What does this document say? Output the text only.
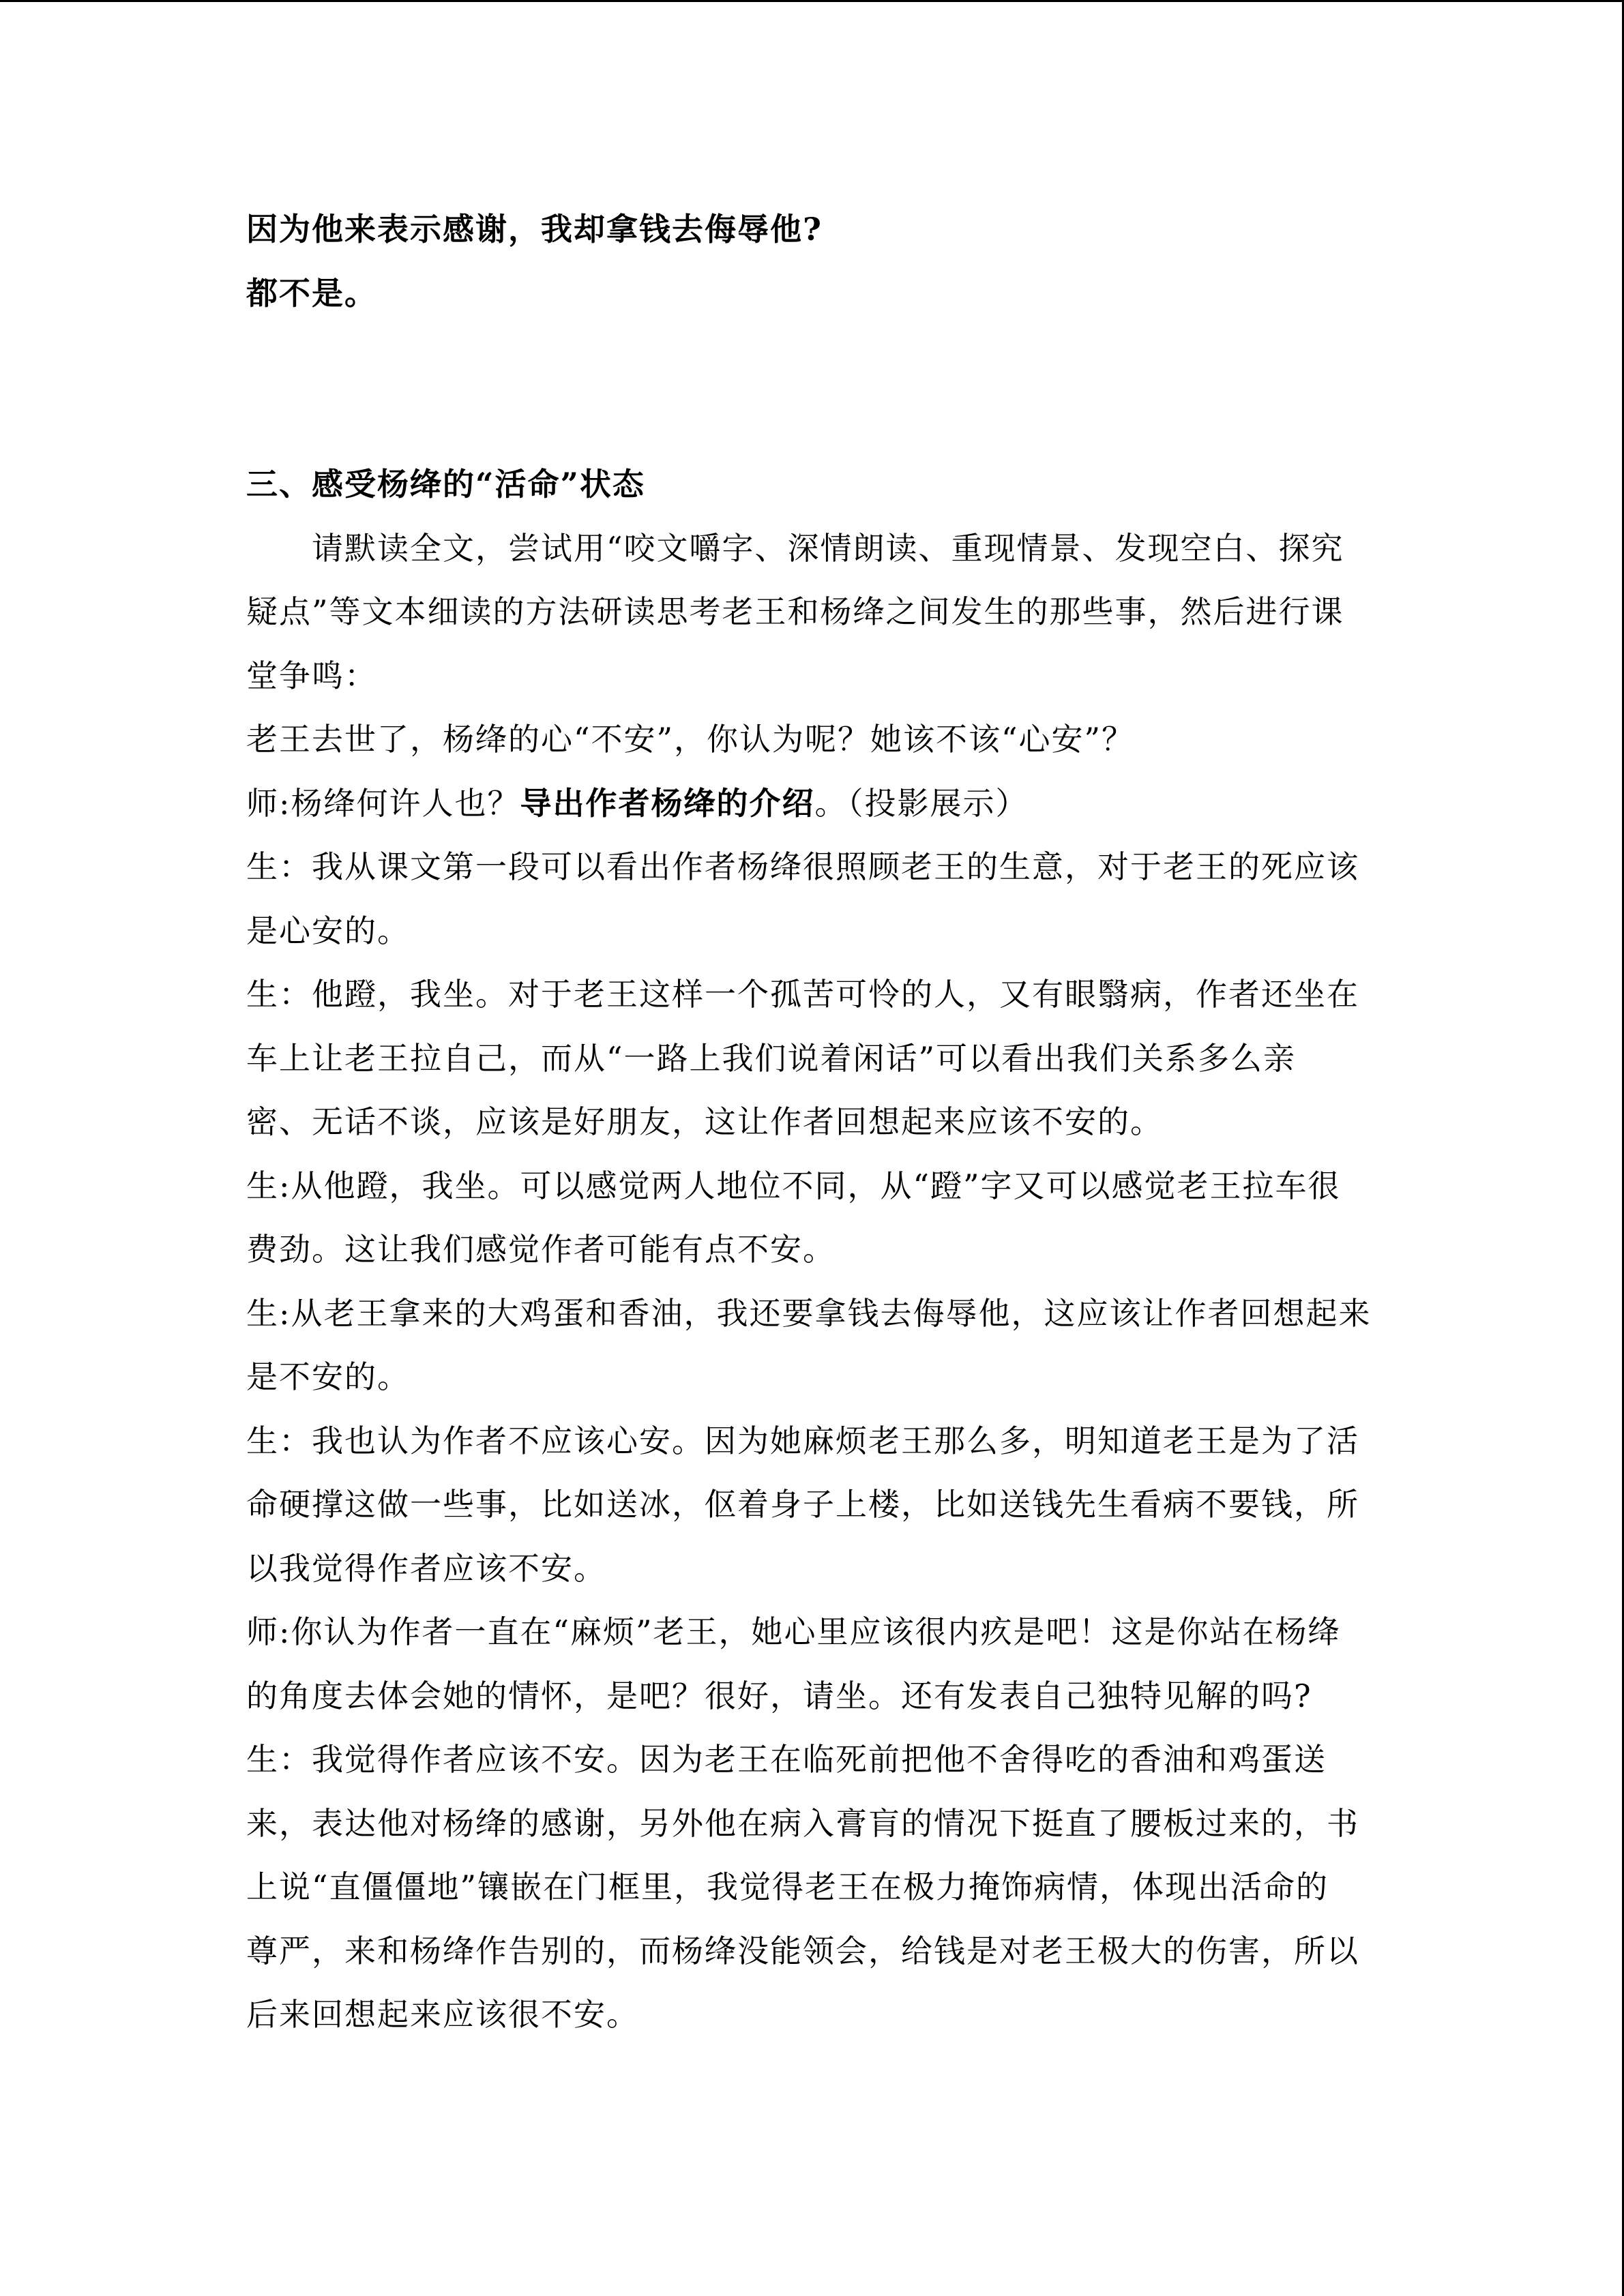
因为他来表示感谢，我却拿钱去侮辱他?
都不是。
三、感受杨绛的“活命”状态
请默读全文，尝试用“咬文嚼字、深情朗读、重现情景、发现空白、探究
疑点”等文本细读的方法研读思考老王和杨绛之间发生的那些事，然后进行课
堂争鸣：
老王去世了，杨绛的心“不安”，你认为呢？她该不该“心安”？
师:杨绛何许人也？导出作者杨绛的介绍。（投影展示）
生：我从课文第一段可以看出作者杨绛很照顾老王的生意，对于老王的死应该
是心安的。
生：他蹬，我坐。对于老王这样一个孤苦可怜的人，又有眼翳病，作者还坐在
车上让老王拉自己，而从“一路上我们说着闲话”可以看出我们关系多么亲
密、无话不谈，应该是好朋友，这让作者回想起来应该不安的。
生:从他蹬，我坐。可以感觉两人地位不同，从“蹬”字又可以感觉老王拉车很
费劲。这让我们感觉作者可能有点不安。
生:从老王拿来的大鸡蛋和香油，我还要拿钱去侮辱他，这应该让作者回想起来
是不安的。
生：我也认为作者不应该心安。因为她麻烦老王那么多，明知道老王是为了活
命硬撑这做一些事，比如送冰，伛着身子上楼，比如送钱先生看病不要钱，所
以我觉得作者应该不安。
师:你认为作者一直在“麻烦”老王，她心里应该很内疚是吧！这是你站在杨绛
的角度去体会她的情怀，是吧？很好，请坐。还有发表自己独特见解的吗?
生：我觉得作者应该不安。因为老王在临死前把他不舍得吃的香油和鸡蛋送
来，表达他对杨绛的感谢，另外他在病入膏肓的情况下挺直了腰板过来的，书
上说“直僵僵地”镶嵌在门框里，我觉得老王在极力掩饰病情，体现出活命的
尊严，来和杨绛作告别的，而杨绛没能领会，给钱是对老王极大的伤害，所以
后来回想起来应该很不安。
